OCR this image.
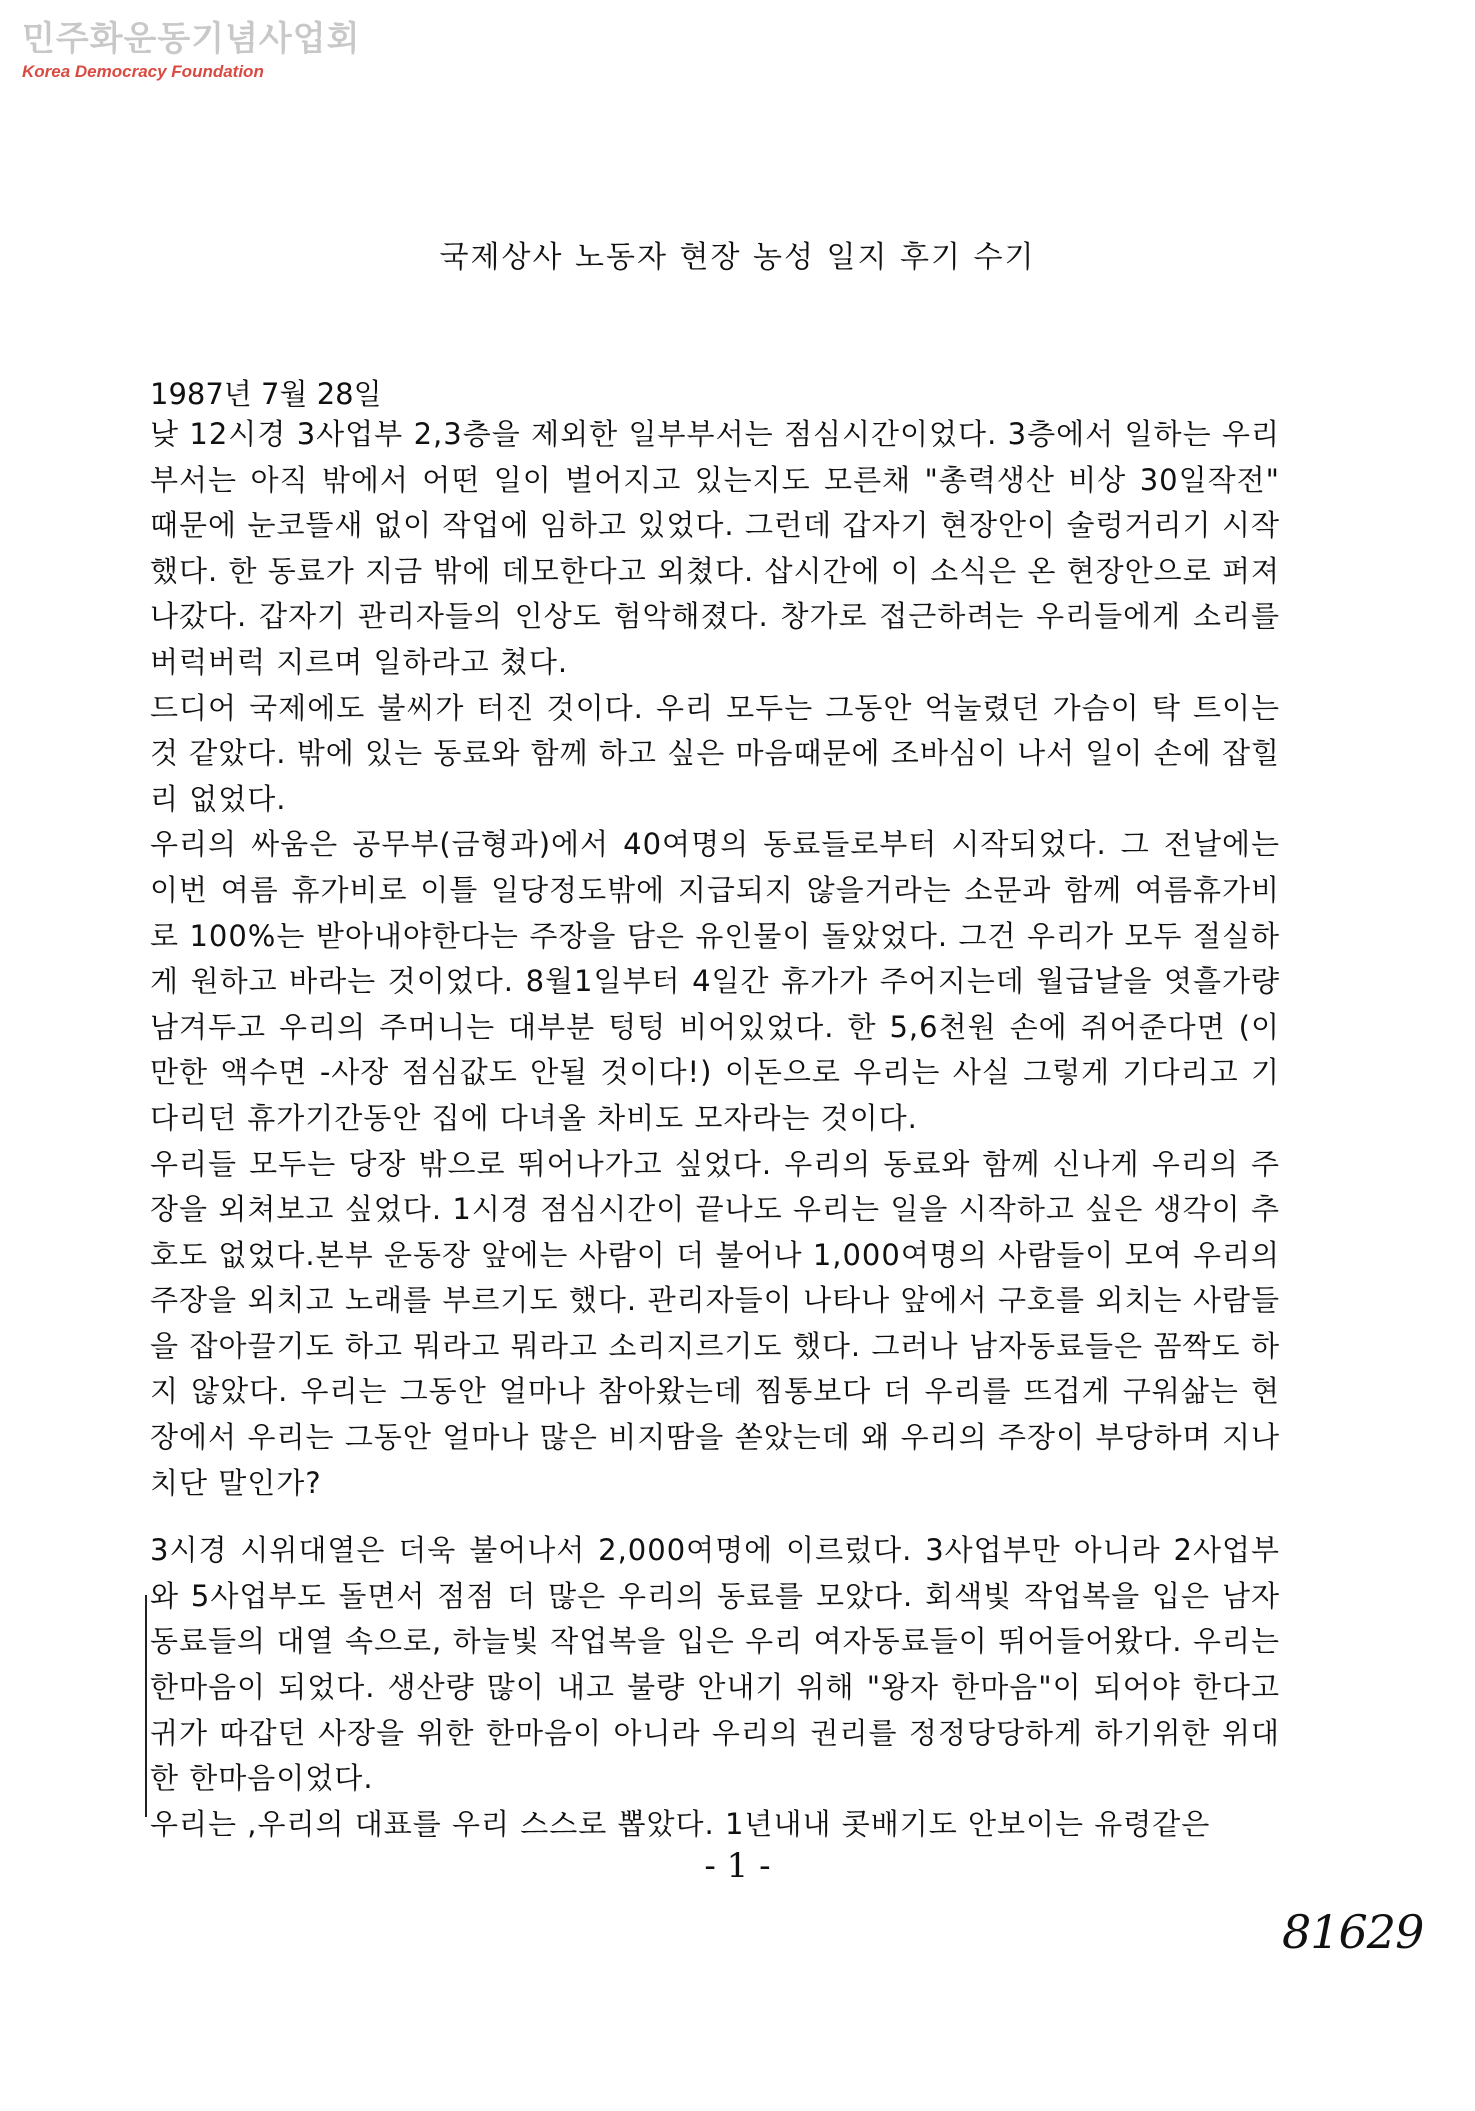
민주화운동기념사업회
Korea Democracy Foundation
국제상사 노동자 현장 농성 일지 후기 수기
1987년 7월 28일

낮 12시경 3사업부 2,3층을 제외한 일부부서는 점심시간이었다. 3층에서 일하는 우리부서는 아직 밖에서 어떤 일이 벌어지고 있는지도 모른채 "총력생산 비상 30일작전" 때문에 눈코뜰새 없이 작업에 임하고 있었다. 그런데 갑자기 현장안이 술렁거리기 시작했다. 한 동료가 지금 밖에 데모한다고 외쳤다. 삽시간에 이 소식은 온 현장안으로 퍼져나갔다. 갑자기 관리자들의 인상도 험악해졌다. 창가로 접근하려는 우리들에게 소리를 버럭버럭 지르며 일하라고 쳤다.

드디어 국제에도 불씨가 터진 것이다. 우리 모두는 그동안 억눌렸던 가슴이 탁 트이는 것 같았다. 밖에 있는 동료와 함께 하고 싶은 마음때문에 조바심이 나서 일이 손에 잡힐리 없었다.

우리의 싸움은 공무부(금형과)에서 40여명의 동료들로부터 시작되었다. 그 전날에는 이번 여름 휴가비로 이틀 일당정도밖에 지급되지 않을거라는 소문과 함께 여름휴가비로 100%는 받아내야한다는 주장을 담은 유인물이 돌았었다. 그건 우리가 모두 절실하게 원하고 바라는 것이었다. 8월1일부터 4일간 휴가가 주어지는데 월급날을 엿흘가량 남겨두고 우리의 주머니는 대부분 텅텅 비어있었다. 한 5,6천원 손에 쥐어준다면 (이만한 액수면 -사장 점심값도 안될 것이다!) 이돈으로 우리는 사실 그렇게 기다리고 기다리던 휴가기간동안 집에 다녀올 차비도 모자라는 것이다.

우리들 모두는 당장 밖으로 뛰어나가고 싶었다. 우리의 동료와 함께 신나게 우리의 주장을 외쳐보고 싶었다. 1시경 점심시간이 끝나도 우리는 일을 시작하고 싶은 생각이 추호도 없었다.본부 운동장 앞에는 사람이 더 불어나 1,000여명의 사람들이 모여 우리의 주장을 외치고 노래를 부르기도 했다. 관리자들이 나타나 앞에서 구호를 외치는 사람들을 잡아끌기도 하고 뭐라고 뭐라고 소리지르기도 했다. 그러나 남자동료들은 꼼짝도 하지 않았다. 우리는 그동안 얼마나 참아왔는데 찜통보다 더 우리를 뜨겁게 구워삶는 현장에서 우리는 그동안 얼마나 많은 비지땀을 쏟았는데 왜 우리의 주장이 부당하며 지나치단 말인가?

3시경 시위대열은 더욱 불어나서 2,000여명에 이르렀다. 3사업부만 아니라 2사업부와 5사업부도 돌면서 점점 더 많은 우리의 동료를 모았다. 회색빛 작업복을 입은 남자동료들의 대열 속으로, 하늘빛 작업복을 입은 우리 여자동료들이 뛰어들어왔다. 우리는 한마음이 되었다. 생산량 많이 내고 불량 안내기 위해 "왕자 한마음"이 되어야 한다고 귀가 따갑던 사장을 위한 한마음이 아니라 우리의 권리를 정정당당하게 하기위한 위대한 한마음이었다.

우리는 ,우리의 대표를 우리 스스로 뽑았다. 1년내내 콧배기도 안보이는 유령같은

- 1 -
81629
